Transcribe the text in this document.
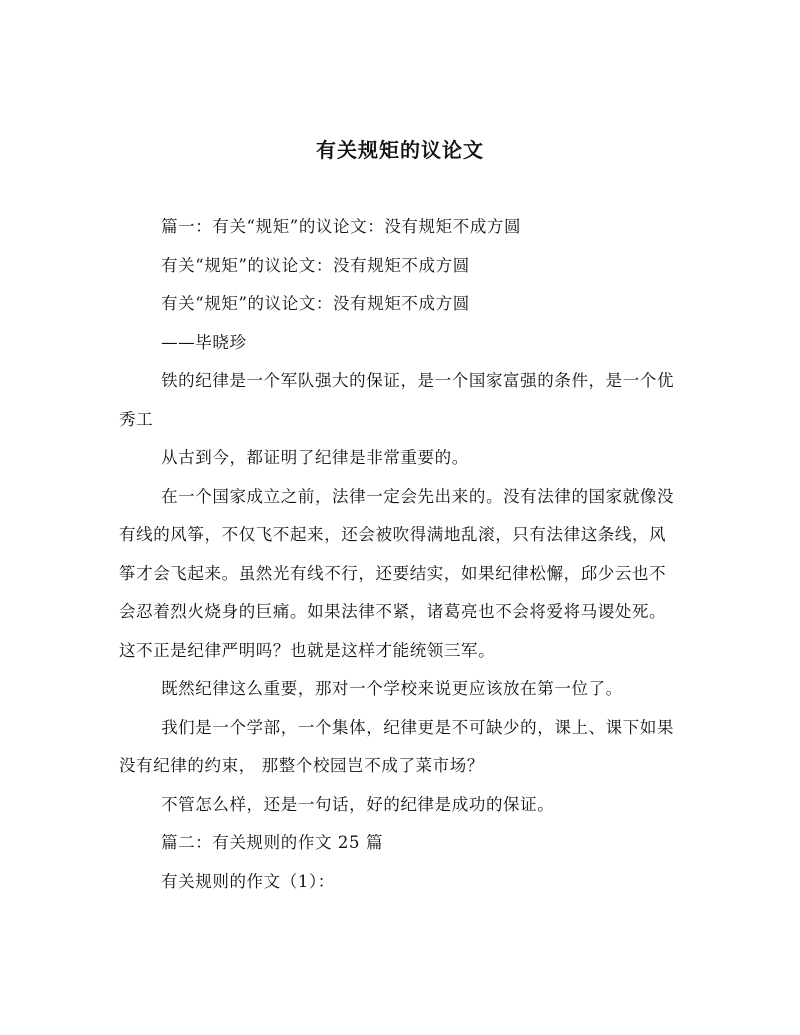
有关规矩的议论文

篇一：有关“规矩”的议论文：没有规矩不成方圆

有关“规矩”的议论文：没有规矩不成方圆

有关“规矩”的议论文：没有规矩不成方圆

——毕晓珍

铁的纪律是一个军队强大的保证，是一个国家富强的条件，是一个优秀工

从古到今，都证明了纪律是非常重要的。

在一个国家成立之前，法律一定会先出来的。没有法律的国家就像没有线的风筝，不仅飞不起来，还会被吹得满地乱滚，只有法律这条线，风筝才会飞起来。虽然光有线不行，还要结实，如果纪律松懈，邱少云也不会忍着烈火烧身的巨痛。如果法律不紧，诸葛亮也不会将爱将马谡处死。这不正是纪律严明吗？也就是这样才能统领三军。

既然纪律这么重要，那对一个学校来说更应该放在第一位了。

我们是一个学部，一个集体，纪律更是不可缺少的，课上、课下如果没有纪律的约束， 那整个校园岂不成了菜市场？

不管怎么样，还是一句话，好的纪律是成功的保证。

篇二：有关规则的作文 25 篇

有关规则的作文（1）：
